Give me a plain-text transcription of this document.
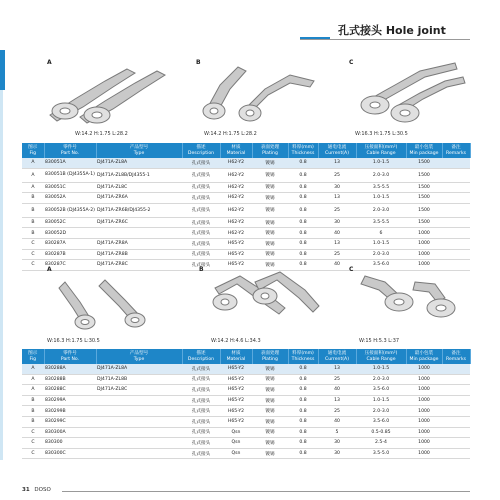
孔式接头 Hole joint
A
W:14.2 H:1.75 L:28.2
B
W:14.2 H:1.75 L:28.2
C
W:16.3 H:1.75 L:30.5
图示
Fig	零件号
Part No.	产品型号
Type	描述
Description	材质
Material	表面处理
Plating	料厚(mm)
Thickness	通电电流
Current(A)	压接面积(mm²)
Cable Range	最小包装
Min package	备注
Remarks
A	830051A	DJ471A-ZL8A	孔式接头	H62-Y2	镀锡	0.8	13	1.0-1.5	1500	
A	830051B (DJ4355A-1)	DJ471A-ZL8B/DJ4355-1	孔式接头	H62-Y2	镀锡	0.8	25	2.0-3.0	1500	
A	830051C	DJ471A-ZL8C	孔式接头	H62-Y2	镀锡	0.8	30	3.5-5.5	1500	
B	830052A	DJ471A-ZR6A	孔式接头	H62-Y2	镀锡	0.8	13	1.0-1.5	1500	
B	830052B (DJ4355A-2)	DJ471A-ZR6B/DJ4355-2	孔式接头	H62-Y2	镀锡	0.8	25	2.0-3.0	1500	
B	830052C	DJ471A-ZR6C	孔式接头	H62-Y2	镀锡	0.8	30	3.5-5.5	1500	
B	830052D		孔式接头	H62-Y2	镀锡	0.8	40	6	1000	
C	830287A	DJ471A-ZR8A	孔式接头	H65-Y2	镀锡	0.8	13	1.0-1.5	1000	
C	830287B	DJ471A-ZR8B	孔式接头	H65-Y2	镀锡	0.8	25	2.0-3.0	1000	
C	830287C	DJ471A-ZR8C	孔式接头	H65-Y2	镀锡	0.8	40	3.5-6.0	1000	
A
W:16.3 H:1.75 L:30.5
B
W:14.2 H:4.6 L:34.3
C
W:15 H:5.3 L:37
图示
Fig	零件号
Part No.	产品型号
Type	描述
Description	材质
Material	表面处理
Plating	料厚(mm)
Thickness	通电电流
Current(A)	压接面积(mm²)
Cable Range	最小包装
Min package	备注
Remarks
A	830288A	DJ471A-ZL8A	孔式接头	H65-Y2	镀锡	0.8	13	1.0-1.5	1000	
A	830288B	DJ471A-ZL8B	孔式接头	H65-Y2	镀锡	0.8	25	2.0-3.0	1000	
A	830288C	DJ471A-ZL8C	孔式接头	H65-Y2	镀锡	0.8	40	3.5-6.0	1000	
B	830299A		孔式接头	H65-Y2	镀锡	0.8	13	1.0-1.5	1000	
B	830299B		孔式接头	H65-Y2	镀锡	0.8	25	2.0-3.0	1000	
B	830299C		孔式接头	H65-Y2	镀锡	0.8	40	3.5-6.0	1000	
C	830300A		孔式接头	Qsn	镀锡	0.8	5	0.5-0.85	1000	
C	830300		孔式接头	Qsn	镀锡	0.8	30	2.5-4	1000	
C	830300C		孔式接头	Qsn	镀锡	0.8	30	3.5-5.0	1000	
31 DOSO
